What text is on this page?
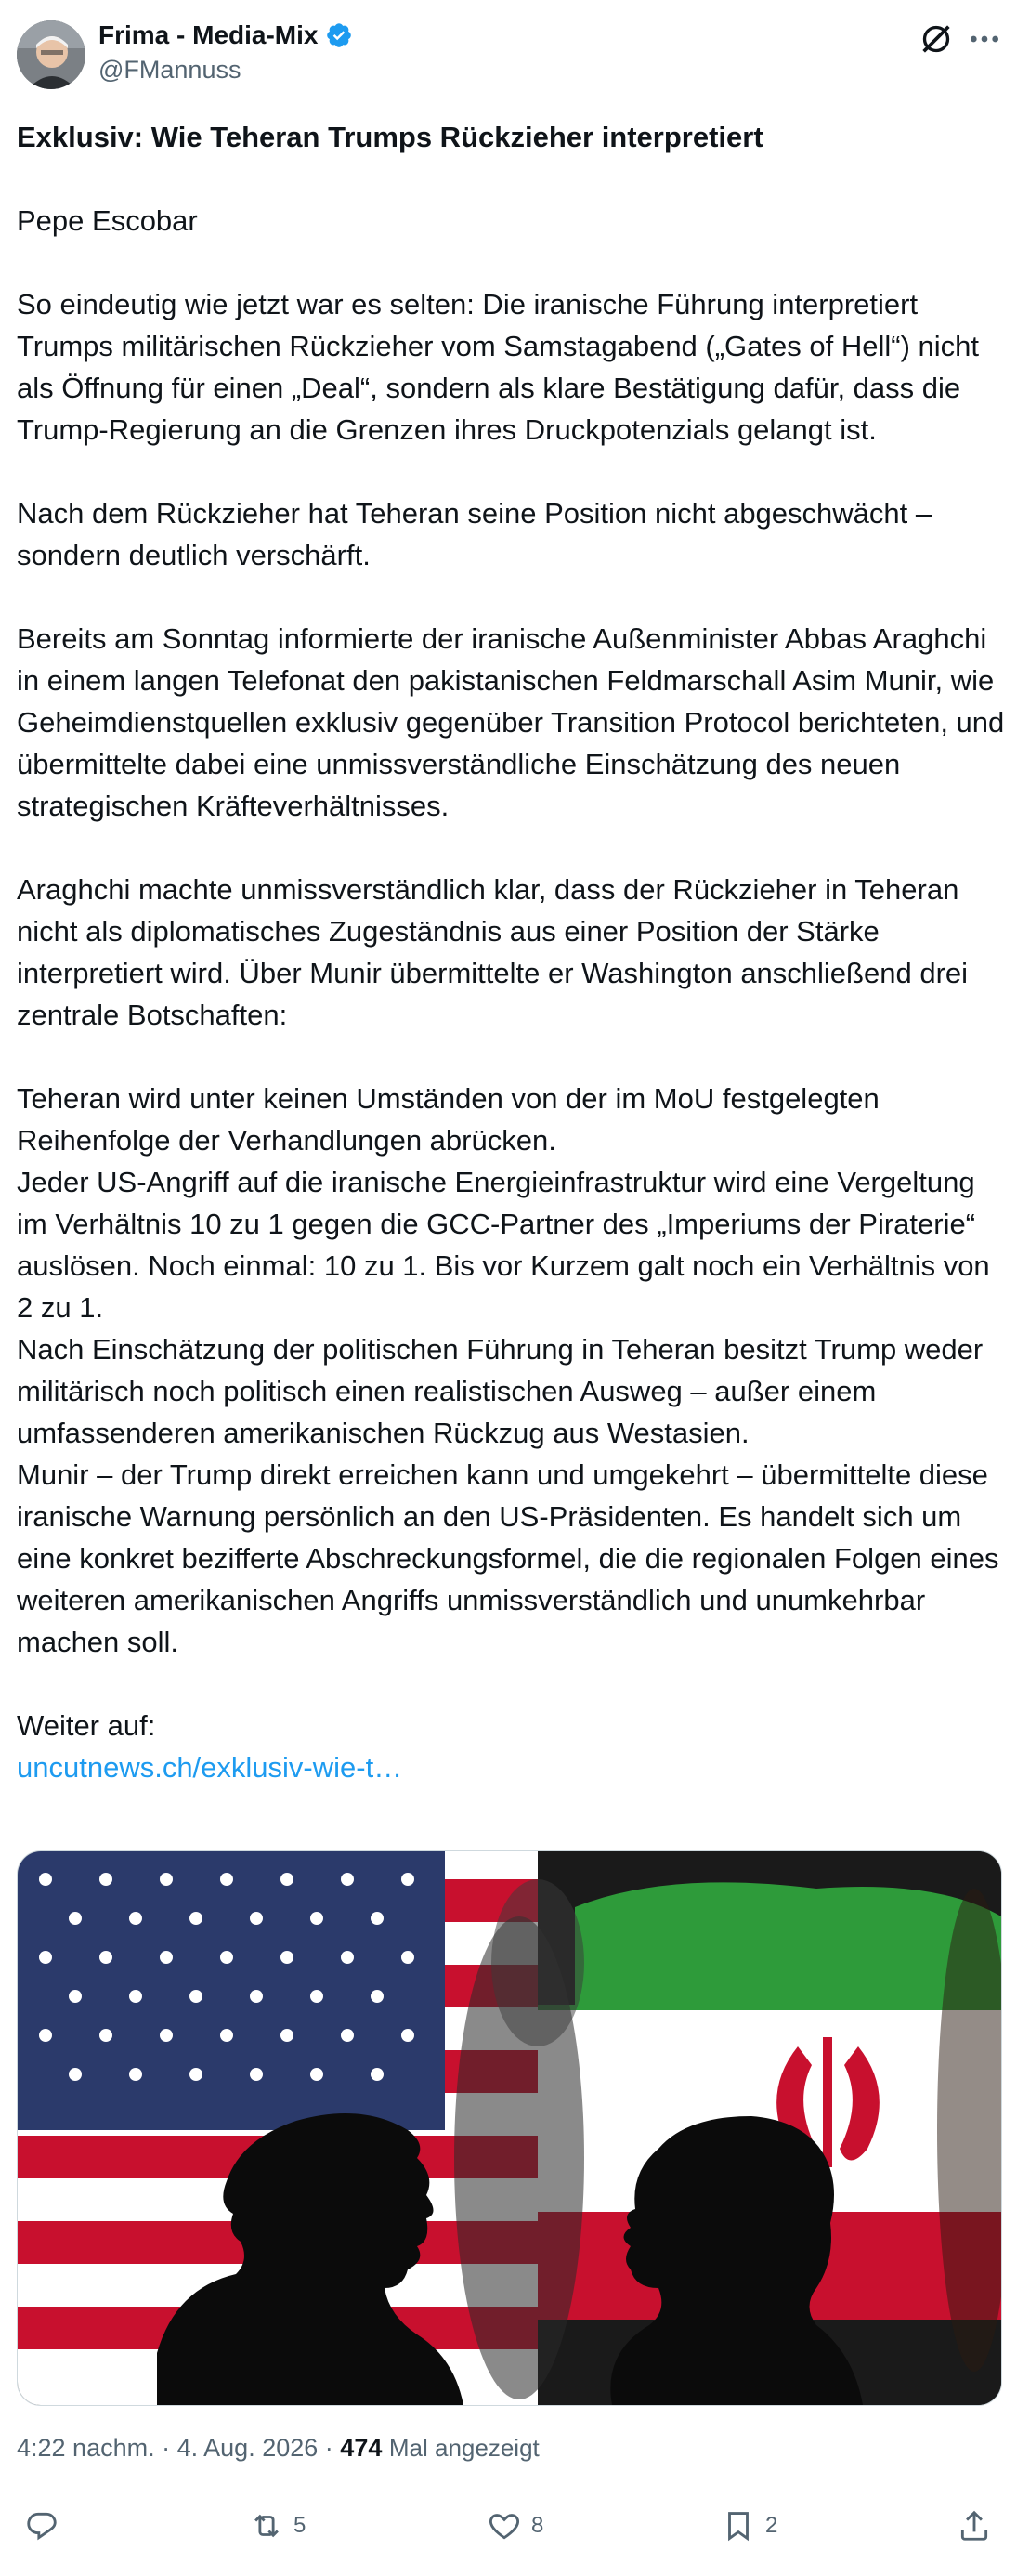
Frima - Media-Mix
@FMannuss

Exklusiv: Wie Teheran Trumps Rückzieher interpretiert

Pepe Escobar

So eindeutig wie jetzt war es selten: Die iranische Führung interpretiert Trumps militärischen Rückzieher vom Samstagabend („Gates of Hell“) nicht als Öffnung für einen „Deal“, sondern als klare Bestätigung dafür, dass die Trump-Regierung an die Grenzen ihres Druckpotenzials gelangt ist.

Nach dem Rückzieher hat Teheran seine Position nicht abgeschwächt – sondern deutlich verschärft.

Bereits am Sonntag informierte der iranische Außenminister Abbas Araghchi in einem langen Telefonat den pakistanischen Feldmarschall Asim Munir, wie Geheimdienstquellen exklusiv gegenüber Transition Protocol berichteten, und übermittelte dabei eine unmissverständliche Einschätzung des neuen strategischen Kräfteverhältnisses.

Araghchi machte unmissverständlich klar, dass der Rückzieher in Teheran nicht als diplomatisches Zugeständnis aus einer Position der Stärke interpretiert wird. Über Munir übermittelte er Washington anschließend drei zentrale Botschaften:

Teheran wird unter keinen Umständen von der im MoU festgelegten Reihenfolge der Verhandlungen abrücken.

Jeder US-Angriff auf die iranische Energieinfrastruktur wird eine Vergeltung im Verhältnis 10 zu 1 gegen die GCC-Partner des „Imperiums der Piraterie“ auslösen. Noch einmal: 10 zu 1. Bis vor Kurzem galt noch ein Verhältnis von 2 zu 1.

Nach Einschätzung der politischen Führung in Teheran besitzt Trump weder militärisch noch politisch einen realistischen Ausweg – außer einem umfassenderen amerikanischen Rückzug aus Westasien.

Munir – der Trump direkt erreichen kann und umgekehrt – übermittelte diese iranische Warnung persönlich an den US-Präsidenten. Es handelt sich um eine konkret bezifferte Abschreckungsformel, die die regionalen Folgen eines weiteren amerikanischen Angriffs unmissverständlich und unumkehrbar machen soll.

Weiter auf:

uncutnews.ch/exklusiv-wie-t…

4:22 nachm. · 4. Aug. 2026 · 474 Mal angezeigt
5	8	2
